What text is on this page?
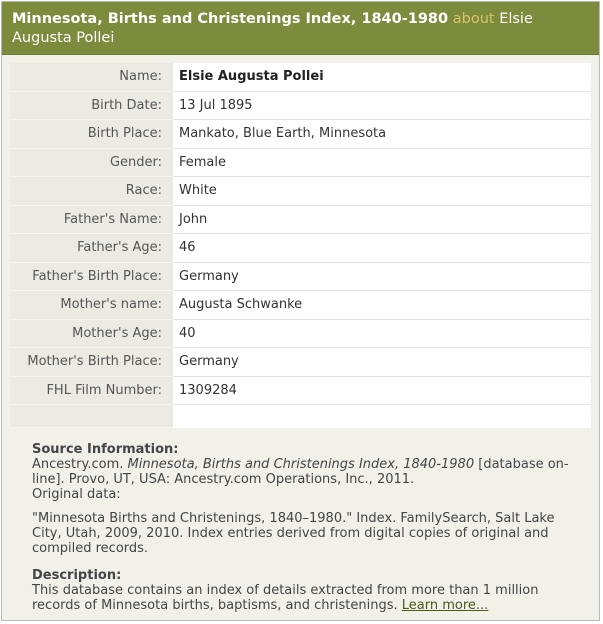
Minnesota, Births and Christenings Index, 1840-1980 about Elsie Augusta Pollei
Name:	Elsie Augusta Pollei
Birth Date:	13 Jul 1895
Birth Place:	Mankato, Blue Earth, Minnesota
Gender:	Female
Race:	White
Father's Name:	John
Father's Age:	46
Father's Birth Place:	Germany
Mother's name:	Augusta Schwanke
Mother's Age:	40
Mother's Birth Place:	Germany
FHL Film Number:	1309284

Source Information:

Ancestry.com. Minnesota, Births and Christenings Index, 1840-1980 [database on-line]. Provo, UT, USA: Ancestry.com Operations, Inc., 2011.

Original data:

"Minnesota Births and Christenings, 1840–1980." Index. FamilySearch, Salt Lake City, Utah, 2009, 2010. Index entries derived from digital copies of original and compiled records.

Description:

This database contains an index of details extracted from more than 1 million records of Minnesota births, baptisms, and christenings. Learn more...
